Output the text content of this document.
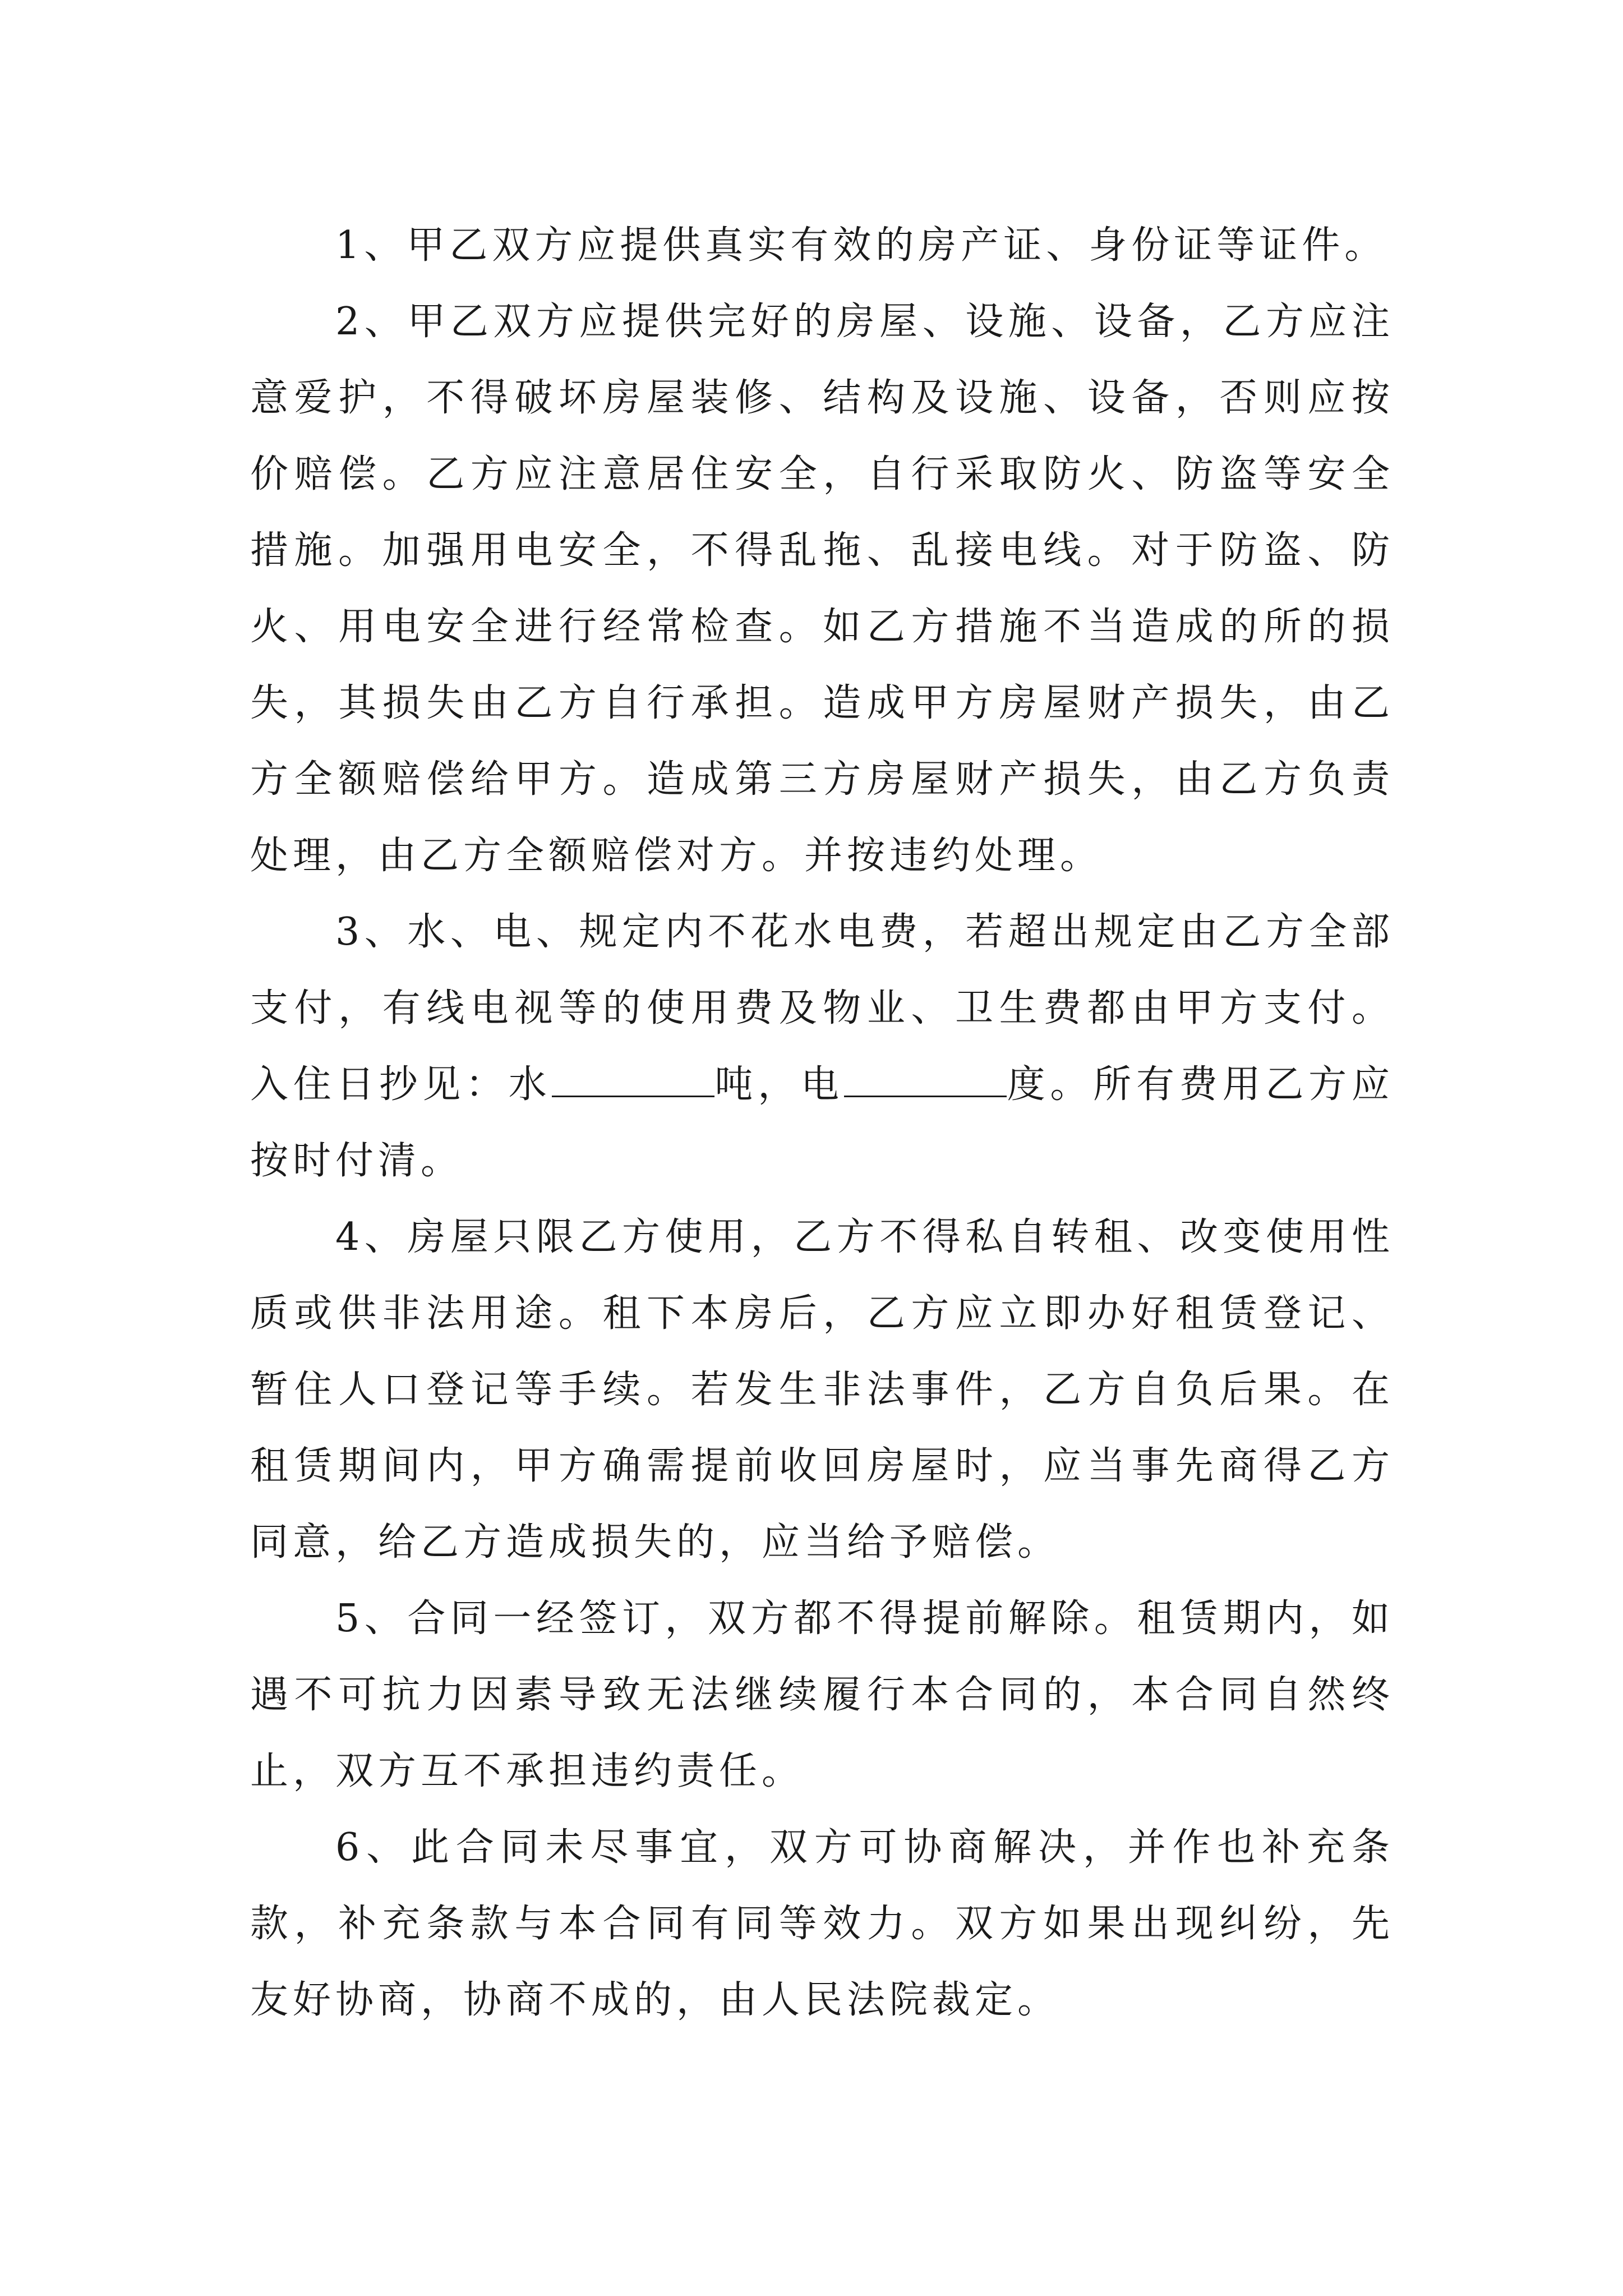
1、甲乙双方应提供真实有效的房产证、身份证等证件。

2、甲乙双方应提供完好的房屋、设施、设备，乙方应注意爱护，不得破坏房屋装修、结构及设施、设备，否则应按价赔偿。乙方应注意居住安全，自行采取防火、防盗等安全措施。加强用电安全，不得乱拖、乱接电线。对于防盗、防火、用电安全进行经常检查。如乙方措施不当造成的所的损失，其损失由乙方自行承担。造成甲方房屋财产损失，由乙方全额赔偿给甲方。造成第三方房屋财产损失，由乙方负责处理，由乙方全额赔偿对方。并按违约处理。

3、水、电、规定内不花水电费，若超出规定由乙方全部支付，有线电视等的使用费及物业、卫生费都由甲方支付。入住日抄见：水	吨，电	度。所有费用乙方应按时付清。

4、房屋只限乙方使用，乙方不得私自转租、改变使用性质或供非法用途。租下本房后，乙方应立即办好租赁登记、暂住人口登记等手续。若发生非法事件，乙方自负后果。在租赁期间内，甲方确需提前收回房屋时，应当事先商得乙方同意，给乙方造成损失的，应当给予赔偿。

5、合同一经签订，双方都不得提前解除。租赁期内，如遇不可抗力因素导致无法继续履行本合同的，本合同自然终止，双方互不承担违约责任。

6、此合同未尽事宜，双方可协商解决，并作也补充条款，补充条款与本合同有同等效力。双方如果出现纠纷，先友好协商，协商不成的，由人民法院裁定。
